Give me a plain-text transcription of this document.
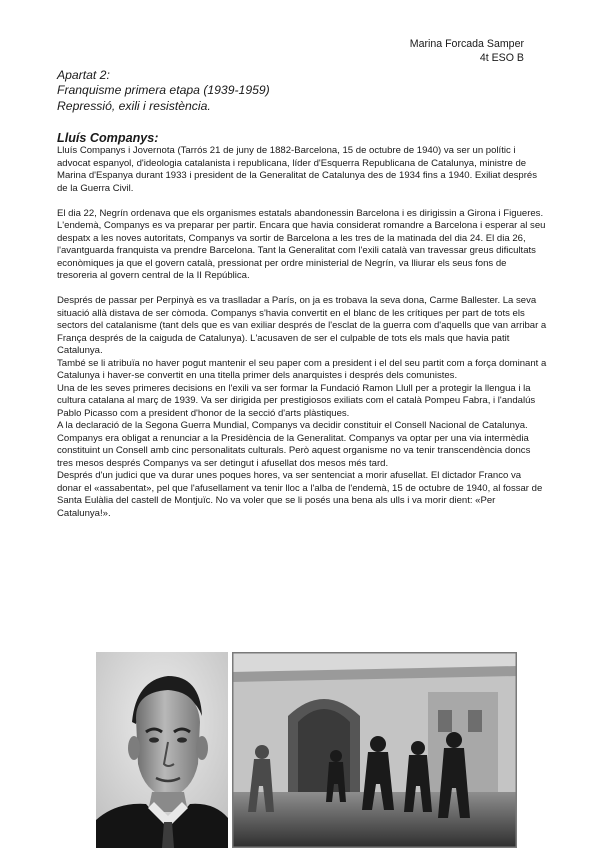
Marina Forcada Samper
4t ESO B
Apartat 2:
Franquisme primera etapa (1939-1959)
Repressió, exili i resistència.
Lluís Companys:

Lluís Companys i Jovernota (Tarrós 21 de juny de 1882-Barcelona, 15 de octubre de 1940) va ser un polític i advocat espanyol, d'ideologia catalanista i republicana, líder d'Esquerra Republicana de Catalunya, ministre de Marina d'Espanya durant 1933 i president de la Generalitat de Catalunya des de 1934 fins a 1940. Exiliat després de la Guerra Civil.

El dia 22, Negrín ordenava que els organismes estatals abandonessin Barcelona i es dirigissin a Girona i Figueres. L'endemà, Companys es va preparar per partir. Encara que havia considerat romandre a Barcelona i esperar al seu despatx a les noves autoritats, Companys va sortir de Barcelona a les tres de la matinada del dia 24. El dia 26, l'avantguarda franquista va prendre Barcelona. Tant la Generalitat com l'exili català van travessar greus dificultats econòmiques ja que el govern català, pressionat per ordre ministerial de Negrín, va lliurar els seus fons de tresoreria al govern central de la II República.

Després de passar per Perpinyà es va traslladar a París, on ja es trobava la seva dona, Carme Ballester. La seva situació allà distava de ser còmoda. Companys s'havia convertit en el blanc de les crítiques per part de tots els sectors del catalanisme (tant dels que es van exiliar després de l'esclat de la guerra com d'aquells que van arribar a França després de la caiguda de Catalunya). L'acusaven de ser el culpable de tots els mals que havia patit Catalunya.

També se li atribuïa no haver pogut mantenir el seu paper com a president i el del seu partit com a força dominant a Catalunya i haver-se convertit en una titella primer dels anarquistes i després dels comunistes.

Una de les seves primeres decisions en l'exili va ser formar la Fundació Ramon Llull per a protegir la llengua i la cultura catalana al març de 1939. Va ser dirigida per prestigiosos exiliats com el català Pompeu Fabra, i l'andalús Pablo Picasso com a president d'honor de la secció d'arts plàstiques.

A la declaració de la Segona Guerra Mundial, Companys va decidir constituir el Consell Nacional de Catalunya.

Companys era obligat a renunciar a la Presidència de la Generalitat. Companys va optar per una via intermèdia constituint un Consell amb cinc personalitats culturals. Però aquest organisme no va tenir transcendència doncs tres mesos després Companys va ser detingut i afusellat dos mesos més tard.

Després d'un judici que va durar unes poques hores, va ser sentenciat a morir afusellat. El dictador Franco va donar el «assabentat», pel que l'afusellament va tenir lloc a l'alba de l'endemà, 15 de octubre de 1940, al fossar de Santa Eulàlia del castell de Montjuïc. No va voler que se li posés una bena als ulls i va morir dient: «Per Catalunya!».
